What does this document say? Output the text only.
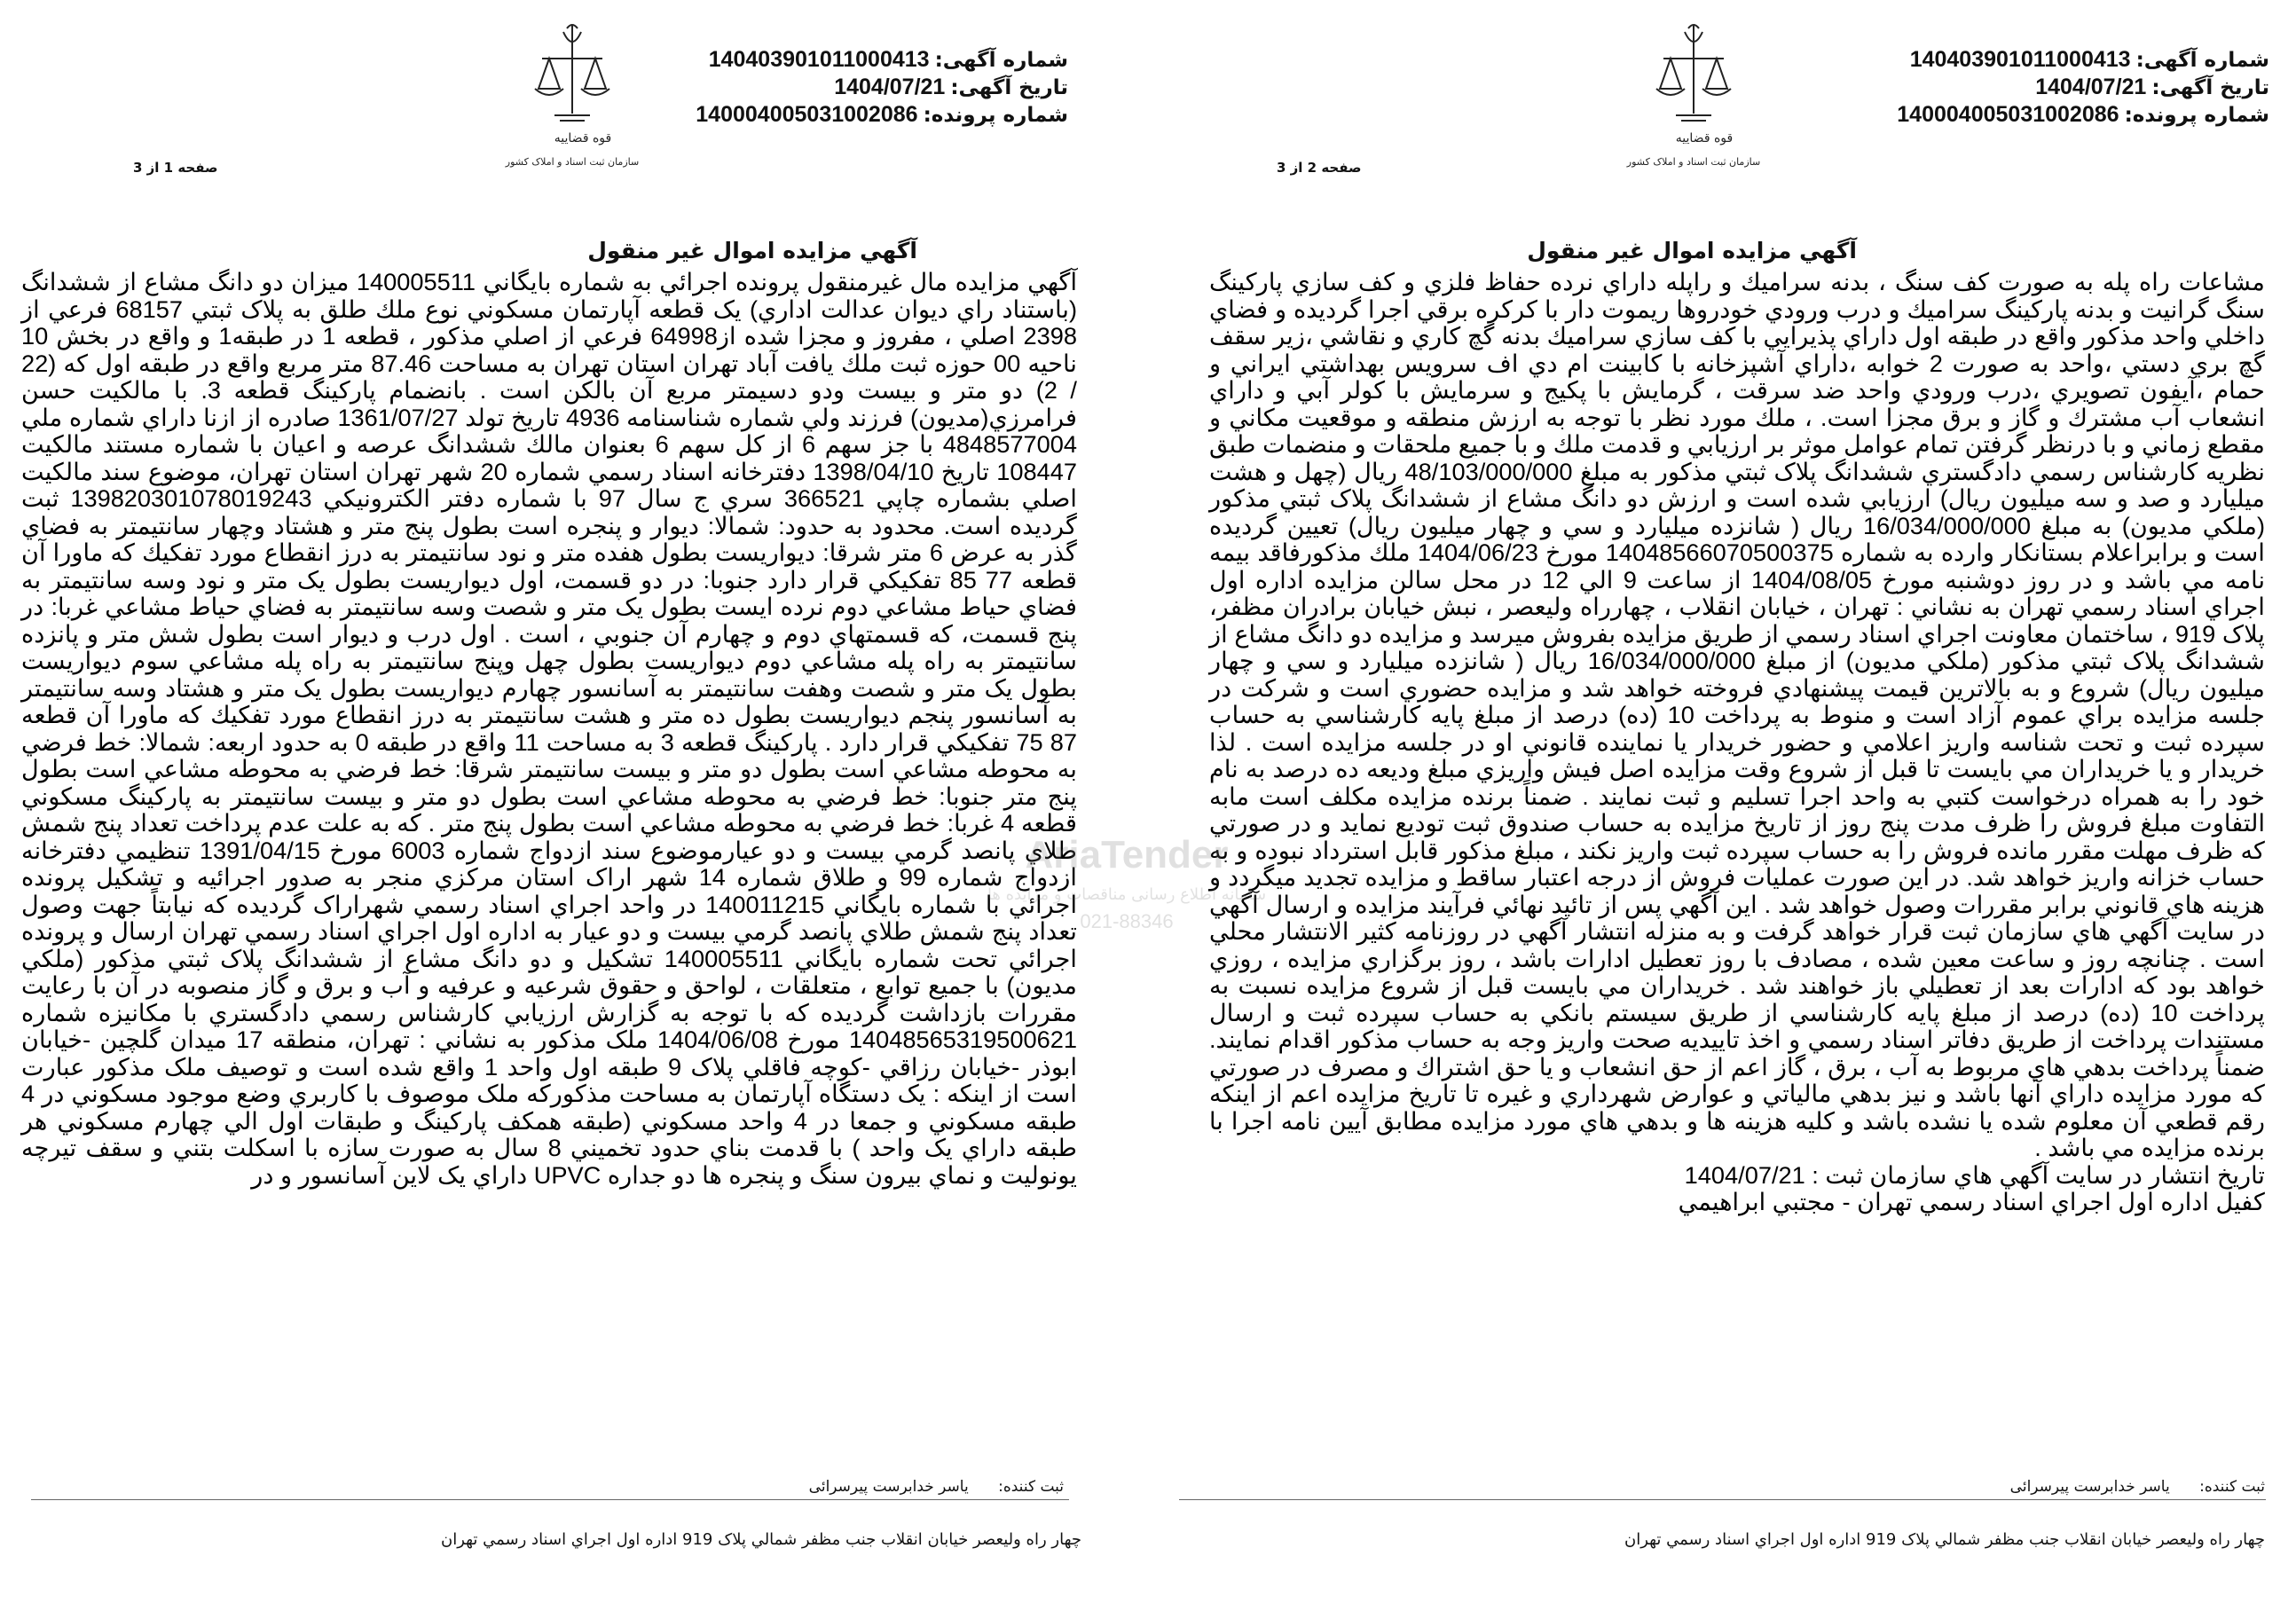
قوه قضاییه
سازمان ثبت اسناد و املاک کشور
شماره آگهی:140403901011000413
تاریخ آگهی:1404/07/21
شماره پرونده:140004005031002086
صفحه 2 از 3
آگهي مزايده اموال غير منقول
مشاعات راه پله به صورت كف سنگ ، بدنه سراميك و راپله داراي نرده حفاظ فلزي و كف سازي پاركينگ سنگ گرانيت و بدنه پاركينگ سراميك و درب ورودي خودروها ريموت دار با كركره برقي اجرا گرديده و فضاي داخلي واحد مذكور واقع در طبقه اول داراي پذيرايي با كف سازي سراميك بدنه گچ كاري و نقاشي ،زير سقف گچ بري دستي ،واحد به صورت 2 خوابه ،داراي آشپزخانه با كابينت ام دي اف سرويس بهداشتي ايراني و حمام ،آيفون تصويري ،درب ورودي واحد ضد سرقت ، گرمايش با پكيج و سرمايش با كولر آبي و داراي انشعاب آب مشترك و گاز و برق مجزا است. ، ملك مورد نظر با توجه به ارزش منطقه و موقعيت مكاني و مقطع زماني و با درنظر گرفتن تمام عوامل موثر بر ارزيابي و قدمت ملك و با جميع ملحقات و منضمات طبق نظريه كارشناس رسمي دادگستري ششدانگ پلاک ثبتي مذکور به مبلغ 48/103/000/000 ريال (چهل و هشت ميليارد و صد و سه ميليون ريال) ارزيابي شده است و ارزش دو دانگ مشاع از ششدانگ پلاک ثبتي مذکور (ملکي مديون) به مبلغ 16/034/000/000 ريال ( شانزده ميليارد و سي و چهار ميليون ريال) تعيين گرديده است و برابراعلام بستانكار وارده به شماره 14048566070500375 مورخ 1404/06/23 ملك مذكورفاقد بيمه نامه مي باشد و در روز دوشنبه مورخ 1404/08/05 از ساعت 9 الي 12 در محل سالن مزايده اداره اول اجراي اسناد رسمي تهران به نشاني : تهران ، خيابان انقلاب ، چهارراه وليعصر ، نبش خيابان برادران مظفر، پلاک 919 ، ساختمان معاونت اجراي اسناد رسمي از طريق مزايده بفروش ميرسد و مزايده دو دانگ مشاع از ششدانگ پلاک ثبتي مذکور (ملکي مديون) از مبلغ 16/034/000/000 ريال ( شانزده ميليارد و سي و چهار ميليون ريال) شروع و به بالاترين قيمت پيشنهادي فروخته خواهد شد و مزايده حضوري است و شركت در جلسه مزايده براي عموم آزاد است و منوط به پرداخت 10 (ده) درصد از مبلغ پايه كارشناسي به حساب سپرده ثبت و تحت شناسه واريز اعلامي و حضور خريدار يا نماينده قانوني او در جلسه مزايده است . لذا خريدار و يا خريداران مي بايست تا قبل از شروع وقت مزايده اصل فيش واريزي مبلغ وديعه ده درصد به نام خود را به همراه درخواست كتبي به واحد اجرا تسليم و ثبت نمايند . ضمناً برنده مزايده مكلف است مابه التفاوت مبلغ فروش را ظرف مدت پنج روز از تاريخ مزايده به حساب صندوق ثبت توديع نمايد و در صورتي كه ظرف مهلت مقرر مانده فروش را به حساب سپرده ثبت واريز نكند ، مبلغ مذكور قابل استرداد نبوده و به حساب خزانه واريز خواهد شد. در اين صورت عمليات فروش از درجه اعتبار ساقط و مزايده تجديد ميگردد و هزينه هاي قانوني برابر مقررات وصول خواهد شد . اين آگهي پس از تائيد نهائي فرآيند مزايده و ارسال آگهي در سايت آگهي هاي سازمان ثبت قرار خواهد گرفت و به منزله انتشار آگهي در روزنامه كثير الانتشار محلي است . چنانچه روز و ساعت معين شده ، مصادف با روز تعطيل ادارات باشد ، روز برگزاري مزايده ، روزي خواهد بود كه ادارات بعد از تعطيلي باز خواهند شد . خريداران مي بايست قبل از شروع مزايده نسبت به پرداخت 10 (ده) درصد از مبلغ پايه كارشناسي از طريق سيستم بانكي به حساب سپرده ثبت و ارسال مستندات پرداخت از طريق دفاتر اسناد رسمي و اخذ تاييديه صحت واريز وجه به حساب مذكور اقدام نمايند. ضمناً پرداخت بدهي هاي مربوط به آب ، برق ، گاز اعم از حق انشعاب و يا حق اشتراك و مصرف در صورتي كه مورد مزايده داراي آنها باشد و نيز بدهي مالياتي و عوارض شهرداري و غيره تا تاريخ مزايده اعم از اينكه رقم قطعي آن معلوم شده يا نشده باشد و كليه هزينه ها و بدهي هاي مورد مزايده مطابق آيين نامه اجرا با برنده مزايده مي باشد .
تاريخ انتشار در سايت آگهي هاي سازمان ثبت : 1404/07/21
كفيل اداره اول اجراي اسناد رسمي تهران - مجتبي ابراهيمي
ثبت کننده: یاسر خدابرست پیرسرائی
چهار راه وليعصر خيابان انقلاب جنب مظفر شمالي پلاک 919 اداره اول اجراي اسناد رسمي تهران
قوه قضاییه
سازمان ثبت اسناد و املاک کشور
شماره آگهی:140403901011000413
تاریخ آگهی:1404/07/21
شماره پرونده:140004005031002086
صفحه 1 از 3
آگهي مزايده اموال غير منقول
آگهي مزايده مال غيرمنقول پرونده اجرائي به شماره بايگاني 140005511 ميزان دو دانگ مشاع از ششدانگ (باستناد راي ديوان عدالت اداري) يک قطعه آپارتمان مسكوني نوع ملك طلق به پلاک ثبتي 68157 فرعي از 2398 اصلي ، مفروز و مجزا شده از64998 فرعي از اصلي مذكور ، قطعه 1 در طبقه1 و واقع در بخش 10 ناحيه 00 حوزه ثبت ملك يافت آباد تهران استان تهران به مساحت 87.46 متر مربع واقع در طبقه اول كه (22 / 2) دو متر و بيست ودو دسيمتر مربع آن بالكن است . بانضمام پاركينگ قطعه 3. با مالكيت حسن فرامرزي(مديون) فرزند ولي شماره شناسنامه 4936 تاريخ تولد 1361/07/27 صادره از ازنا داراي شماره ملي 4848577004 با جز سهم 6 از كل سهم 6 بعنوان مالك ششدانگ عرصه و اعيان با شماره مستند مالكيت 108447 تاريخ 1398/04/10 دفترخانه اسناد رسمي شماره 20 شهر تهران استان تهران، موضوع سند مالكيت اصلي بشماره چاپي 366521 سري ج سال 97 با شماره دفتر الكترونيكي 139820301078019243 ثبت گرديده است. محدود به حدود: شمالا: ديوار و پنجره است بطول پنج متر و هشتاد وچهار سانتيمتر به فضاي گذر به عرض 6 متر شرقا: ديواريست بطول هفده متر و نود سانتيمتر به درز انقطاع مورد تفكيك كه ماورا آن قطعه 77 85 تفكيكي قرار دارد جنوبا: در دو قسمت، اول ديواريست بطول يک متر و نود وسه سانتيمتر به فضاي حياط مشاعي دوم نرده ايست بطول يک متر و شصت وسه سانتيمتر به فضاي حياط مشاعي غربا: در پنج قسمت، كه قسمتهاي دوم و چهارم آن جنوبي ، است . اول درب و ديوار است بطول شش متر و پانزده سانتيمتر به راه پله مشاعي دوم ديواريست بطول چهل وپنج سانتيمتر به راه پله مشاعي سوم ديواريست بطول يک متر و شصت وهفت سانتيمتر به آسانسور چهارم ديواريست بطول يک متر و هشتاد وسه سانتيمتر به آسانسور پنجم ديواريست بطول ده متر و هشت سانتيمتر به درز انقطاع مورد تفكيك كه ماورا آن قطعه 87 75 تفكيكي قرار دارد . پاركينگ قطعه 3 به مساحت 11 واقع در طبقه 0 به حدود اربعه: شمالا: خط فرضي به محوطه مشاعي است بطول دو متر و بيست سانتيمتر شرقا: خط فرضي به محوطه مشاعي است بطول پنج متر جنوبا: خط فرضي به محوطه مشاعي است بطول دو متر و بيست سانتيمتر به پاركينگ مسكوني قطعه 4 غربا: خط فرضي به محوطه مشاعي است بطول پنج متر . كه به علت عدم پرداخت تعداد پنج شمش طلاي پانصد گرمي بيست و دو عيارموضوع سند ازدواج شماره 6003 مورخ 1391/04/15 تنظيمي دفترخانه ازدواج شماره 99 و طلاق شماره 14 شهر اراک استان مركزي منجر به صدور اجرائيه و تشكيل پرونده اجرائي با شماره بايگاني 140011215 در واحد اجراي اسناد رسمي شهراراک گرديده كه نيابتاً جهت وصول تعداد پنج شمش طلاي پانصد گرمي بيست و دو عيار به اداره اول اجراي اسناد رسمي تهران ارسال و پرونده اجرائي تحت شماره بايگاني 140005511 تشكيل و دو دانگ مشاع از ششدانگ پلاک ثبتي مذکور (ملکي مديون) با جميع توابع ، متعلقات ، لواحق و حقوق شرعيه و عرفيه و آب و برق و گاز منصوبه در آن با رعايت مقررات بازداشت گرديده كه با توجه به گزارش ارزيابي كارشناس رسمي دادگستري با مكانيزه شماره 14048565319500621 مورخ 1404/06/08 ملک مذکور به نشاني : تهران، منطقه 17 ميدان گلچين -خيابان ابوذر -خيابان رزاقي -كوچه فاقلي پلاک 9 طبقه اول واحد 1 واقع شده است و توصيف ملک مذکور عبارت است از اينكه : يک دستگاه آپارتمان به مساحت مذكوركه ملک موصوف با كاربري وضع موجود مسكوني در 4 طبقه مسكوني و جمعا در 4 واحد مسكوني (طبقه همكف پاركينگ و طبقات اول الي چهارم مسكوني هر طبقه داراي يک واحد ) با قدمت بناي حدود تخميني 8 سال به صورت سازه با اسكلت بتني و سقف تيرچه يونوليت و نماي بيرون سنگ و پنجره ها دو جداره UPVC داراي يک لاين آسانسور و در
ثبت کننده: یاسر خدابرست پیرسرائی
چهار راه وليعصر خيابان انقلاب جنب مظفر شمالي پلاک 919 اداره اول اجراي اسناد رسمي تهران
AriaTender
سامانه اطلاع رسانی مناقصات و مزایده ها
021-88346
